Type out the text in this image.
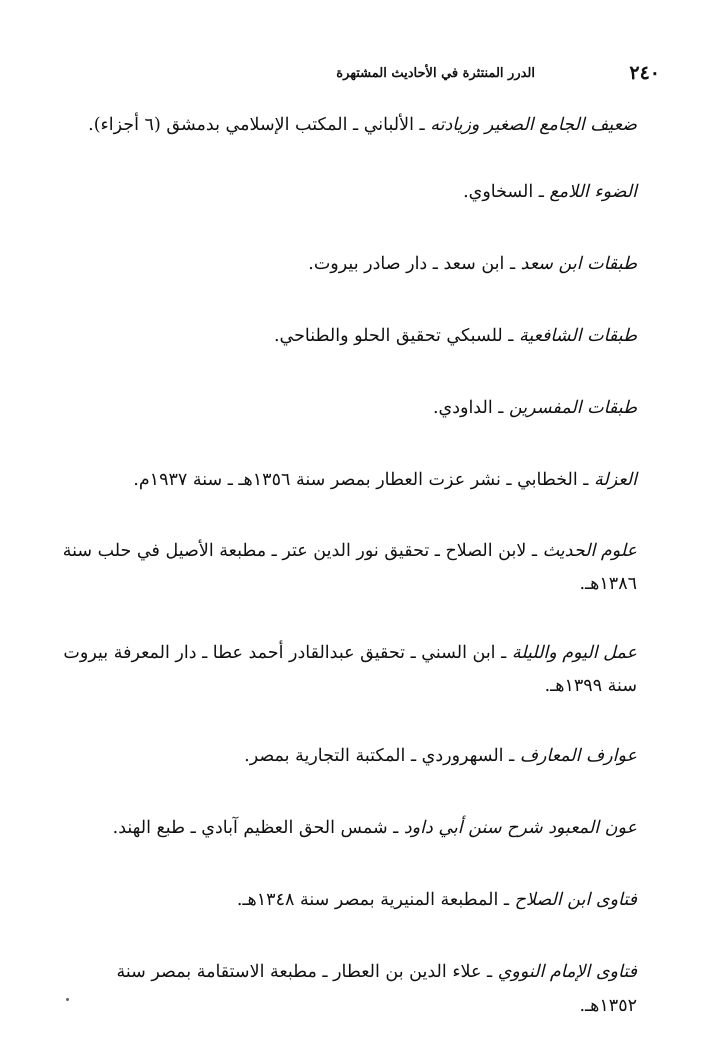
٢٤٠
الدرر المنتثرة في الأحاديث المشتهرة

ضعيف الجامع الصغير وزيادته ـ الألباني ـ المكتب الإسلامي بدمشق (٦ أجزاء).

الضوء اللامع ـ السخاوي.

طبقات ابن سعد ـ ابن سعد ـ دار صادر بيروت.

طبقات الشافعية ـ للسبكي تحقيق الحلو والطناحي.

طبقات المفسرين ـ الداودي.

العزلة ـ الخطابي ـ نشر عزت العطار بمصر سنة ١٣٥٦هـ ـ سنة ١٩٣٧م.

علوم الحديث ـ لابن الصلاح ـ تحقيق نور الدين عتر ـ مطبعة الأصيل في حلب سنة ١٣٨٦هـ.

عمل اليوم والليلة ـ ابن السني ـ تحقيق عبدالقادر أحمد عطا ـ دار المعرفة بيروت سنة ١٣٩٩هـ.

عوارف المعارف ـ السهروردي ـ المكتبة التجارية بمصر.

عون المعبود شرح سنن أبي داود ـ شمس الحق العظيم آبادي ـ طبع الهند.

فتاوى ابن الصلاح ـ المطبعة المنيرية بمصر سنة ١٣٤٨هـ.

فتاوى الإمام النووي ـ علاء الدين بن العطار ـ مطبعة الاستقامة بمصر سنة ١٣٥٢هـ.
